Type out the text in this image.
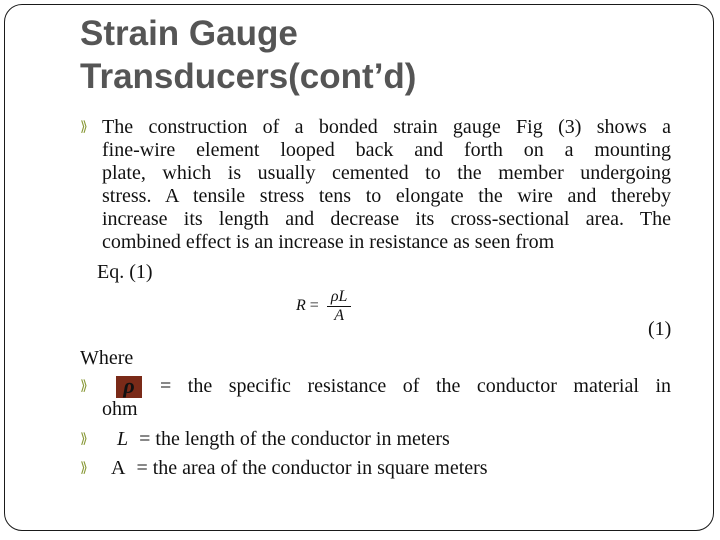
Strain Gauge
Transducers(cont’d)
⟫ The construction of a bonded strain gauge Fig (3) shows a
fine-wire element looped back and forth on a mounting
plate, which is usually cemented to the member undergoing
stress. A tensile stress tens to elongate the wire and thereby
increase its length and decrease its cross-sectional area. The
combined effect is an increase in resistance as seen from
Eq. (1)
$R = \frac{\rho L}{A}$
(1)
Where
⟫	ρ	= the specific resistance of the conductor material in
ohm
⟫ L = the length of the conductor in meters
⟫ A = the area of the conductor in square meters
